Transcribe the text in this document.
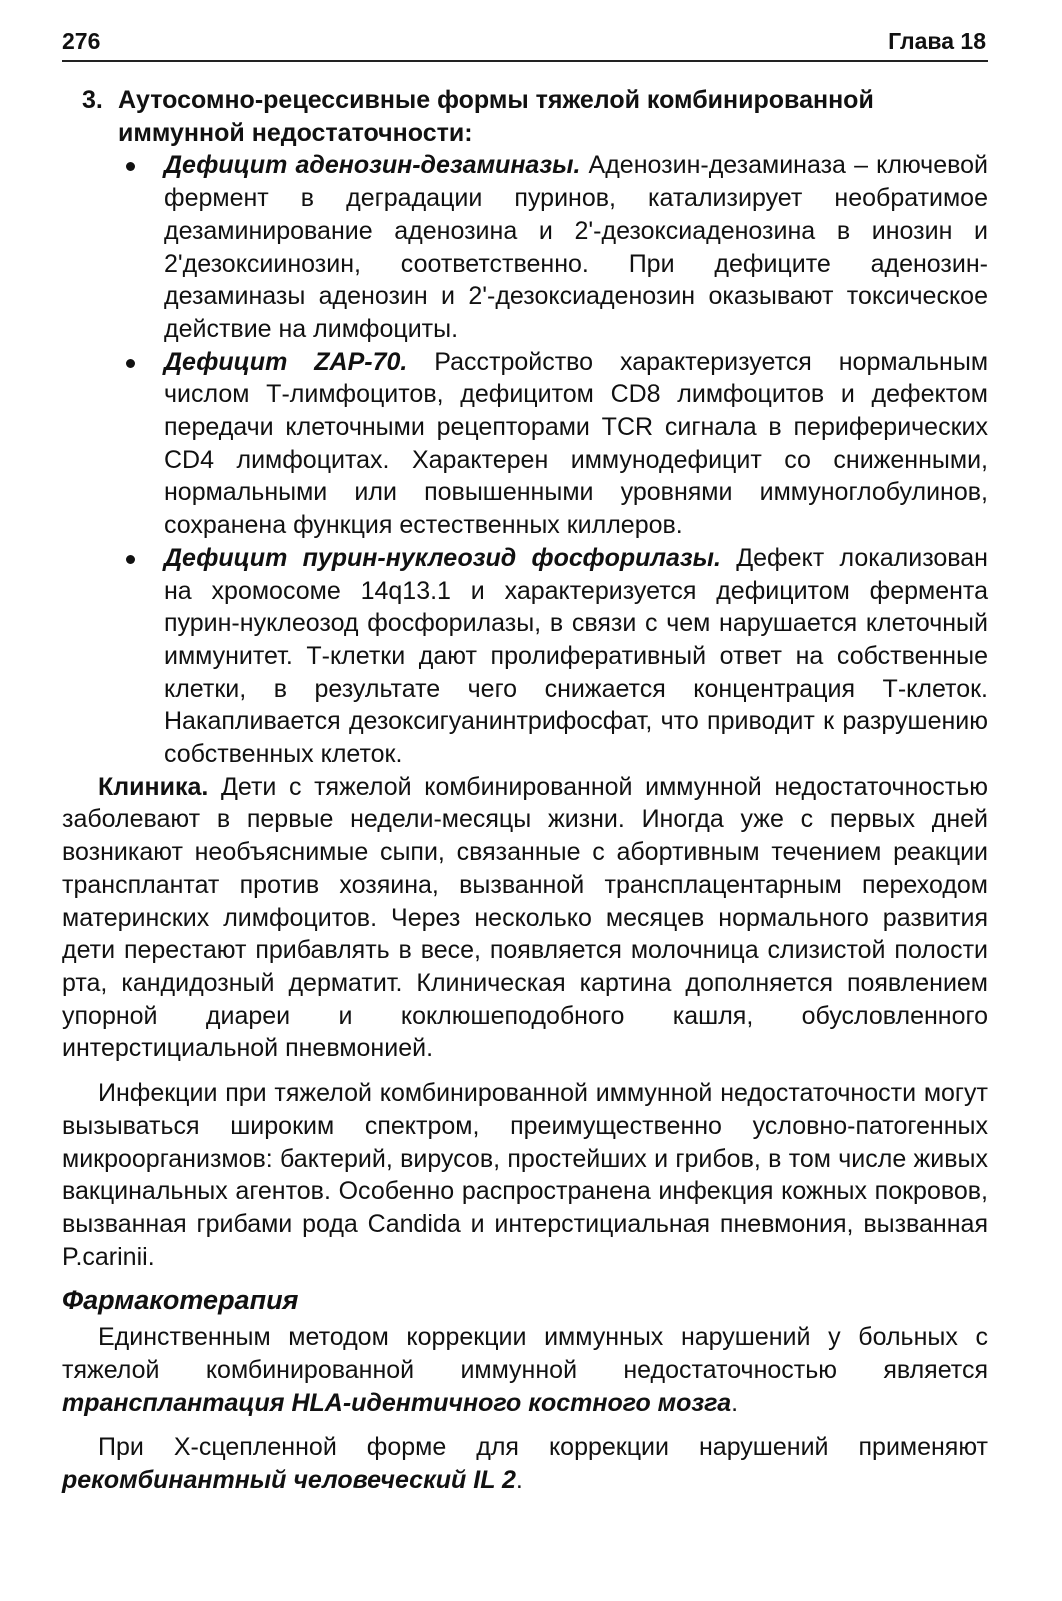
276	Глава 18
3. Аутосомно-рецессивные формы тяжелой комбинированной иммунной недостаточности:

Дефицит аденозин-дезаминазы. Аденозин-дезаминаза – ключевой фермент в деградации пуринов, катализирует необратимое дезаминирование аденозина и 2'-дезоксиаденозина в инозин и 2'дезоксиинозин, соответственно. При дефиците аденозин-дезаминазы аденозин и 2'-дезоксиаденозин оказывают токсическое действие на лимфоциты.
Дефицит ZAP-70. Расстройство характеризуется нормальным числом Т-лимфоцитов, дефицитом CD8 лимфоцитов и дефектом передачи клеточными рецепторами TCR сигнала в периферических CD4 лимфоцитах. Характерен иммунодефицит со сниженными, нормальными или повышенными уровнями иммуноглобулинов, сохранена функция естественных киллеров.
Дефицит пурин-нуклеозид фосфорилазы. Дефект локализован на хромосоме 14q13.1 и характеризуется дефицитом фермента пурин-нуклеозод фосфорилазы, в связи с чем нарушается клеточный иммунитет. Т-клетки дают пролиферативный ответ на собственные клетки, в результате чего снижается концентрация Т-клеток. Накапливается дезоксигуанинтрифосфат, что приводит к разрушению собственных клеток.

Клиника. Дети с тяжелой комбинированной иммунной недостаточностью заболевают в первые недели-месяцы жизни. Иногда уже с первых дней возникают необъяснимые сыпи, связанные с абортивным течением реакции трансплантат против хозяина, вызванной трансплацентарным переходом материнских лимфоцитов. Через несколько месяцев нормального развития дети перестают прибавлять в весе, появляется молочница слизистой полости рта, кандидозный дерматит. Клиническая картина дополняется появлением упорной диареи и коклюшеподобного кашля, обусловленного интерстициальной пневмонией.

Инфекции при тяжелой комбинированной иммунной недостаточности могут вызываться широким спектром, преимущественно условно-патогенных микроорганизмов: бактерий, вирусов, простейших и грибов, в том числе живых вакцинальных агентов. Особенно распространена инфекция кожных покровов, вызванная грибами рода Candida и интерстициальная пневмония, вызванная P.carinii.

Фармакотерапия

Единственным методом коррекции иммунных нарушений у больных с тяжелой комбинированной иммунной недостаточностью является трансплантация HLA-идентичного костного мозга.

При X-сцепленной форме для коррекции нарушений применяют рекомбинантный человеческий IL 2.
